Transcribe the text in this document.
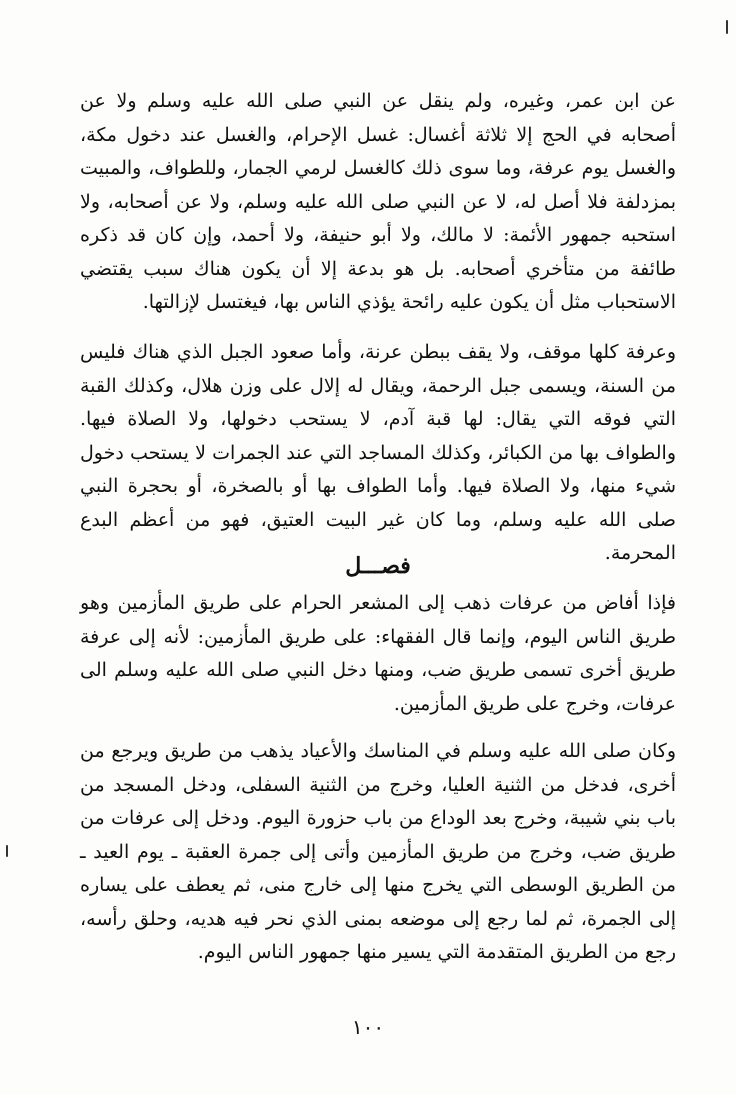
عن ابن عمر، وغيره، ولم ينقل عن النبي صلى الله عليه وسلم ولا عن أصحابه في الحج إلا ثلاثة أغسال: غسل الإحرام، والغسل عند دخول مكة، والغسل يوم عرفة، وما سوى ذلك كالغسل لرمي الجمار، وللطواف، والمبيت بمزدلفة فلا أصل له، لا عن النبي صلى الله عليه وسلم، ولا عن أصحابه، ولا استحبه جمهور الأئمة: لا مالك، ولا أبو حنيفة، ولا أحمد، وإن كان قد ذكره طائفة من متأخري أصحابه. بل هو بدعة إلا أن يكون هناك سبب يقتضي الاستحباب مثل أن يكون عليه رائحة يؤذي الناس بها، فيغتسل لإزالتها.

وعرفة كلها موقف، ولا يقف ببطن عرنة، وأما صعود الجبل الذي هناك فليس من السنة، ويسمى جبل الرحمة، ويقال له إلال على وزن هلال، وكذلك القبة التي فوقه التي يقال: لها قبة آدم، لا يستحب دخولها، ولا الصلاة فيها. والطواف بها من الكبائر، وكذلك المساجد التي عند الجمرات لا يستحب دخول شيء منها، ولا الصلاة فيها. وأما الطواف بها أو بالصخرة، أو بحجرة النبي صلى الله عليه وسلم، وما كان غير البيت العتيق، فهو من أعظم البدع المحرمة.

فصـــل

فإذا أفاض من عرفات ذهب إلى المشعر الحرام على طريق المأزمين وهو طريق الناس اليوم، وإنما قال الفقهاء: على طريق المأزمين: لأنه إلى عرفة طريق أخرى تسمى طريق ضب، ومنها دخل النبي صلى الله عليه وسلم الى عرفات، وخرج على طريق المأزمين.

وكان صلى الله عليه وسلم في المناسك والأعياد يذهب من طريق ويرجع من أخرى، فدخل من الثنية العليا، وخرج من الثنية السفلى، ودخل المسجد من باب بني شيبة، وخرج بعد الوداع من باب حزورة اليوم. ودخل إلى عرفات من طريق ضب، وخرج من طريق المأزمين وأتى إلى جمرة العقبة ـ يوم العيد ـ من الطريق الوسطى التي يخرج منها إلى خارج منى، ثم يعطف على يساره إلى الجمرة، ثم لما رجع إلى موضعه بمنى الذي نحر فيه هديه، وحلق رأسه، رجع من الطريق المتقدمة التي يسير منها جمهور الناس اليوم.

١٠٠
